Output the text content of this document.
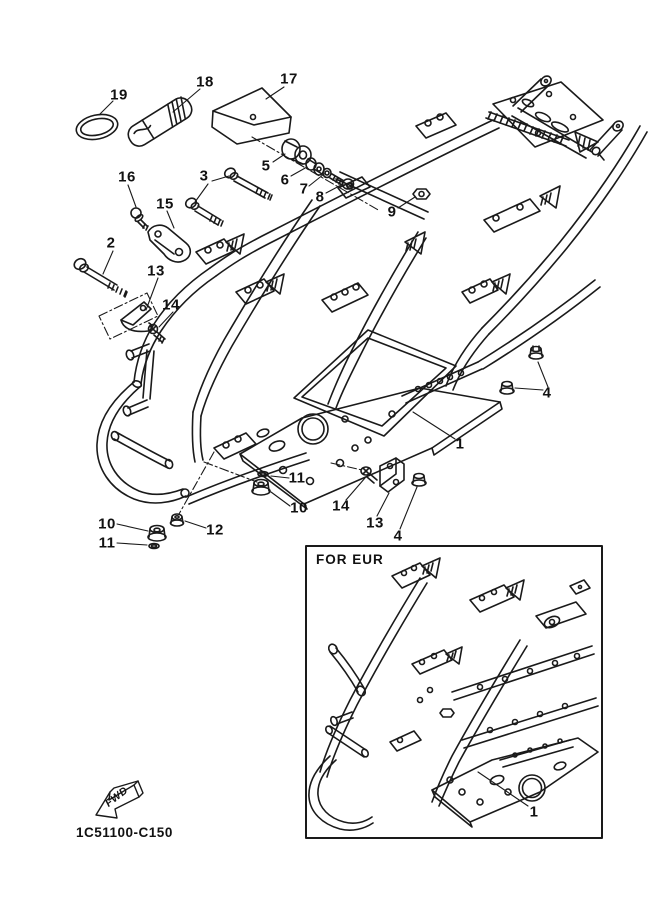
19
18	17
16
15
3
2
5
6
7 8
9
13
14
4
1
11
10 14
13
4
10
11
12
1
FOR EUR
FWD
1C51100-C150
